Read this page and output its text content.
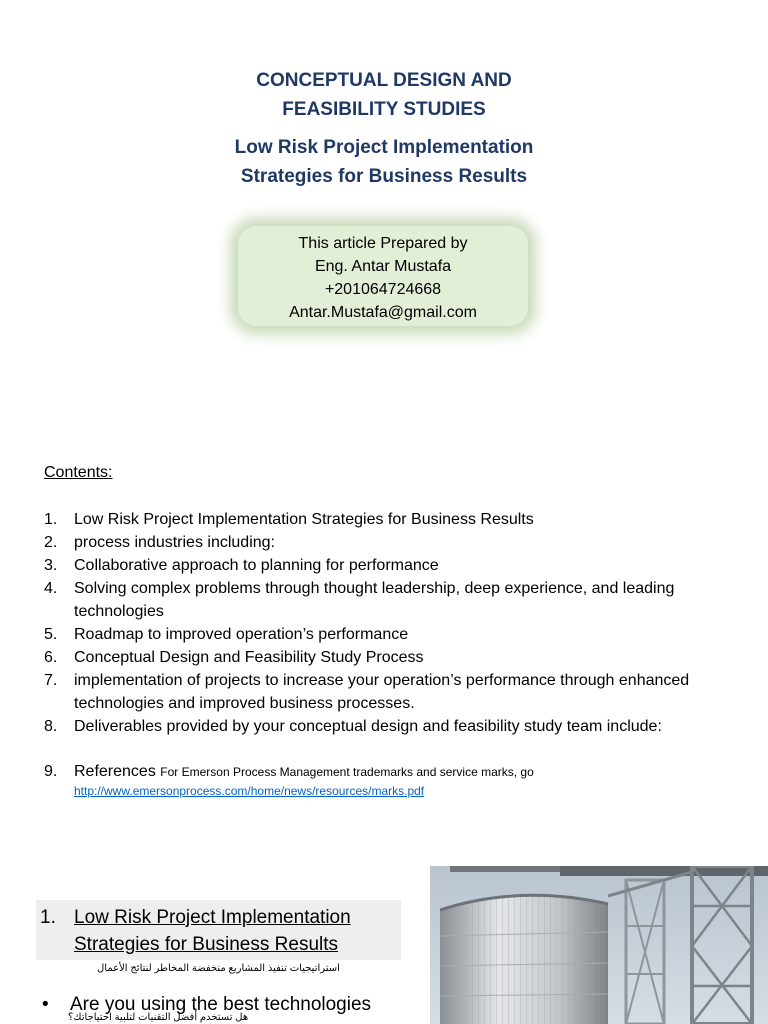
CONCEPTUAL DESIGN AND
FEASIBILITY STUDIES
Low Risk Project Implementation
Strategies for Business Results
This article Prepared by
Eng. Antar Mustafa
+201064724668
Antar.Mustafa@gmail.com
Contents:
1. Low Risk Project Implementation Strategies for Business Results
2. process industries including:
3. Collaborative approach to planning for performance
4. Solving complex problems through thought leadership, deep experience, and leading technologies
5. Roadmap to improved operation’s performance
6. Conceptual Design and Feasibility Study Process
7. implementation of projects to increase your operation’s performance through enhanced technologies and improved business processes.
8. Deliverables provided by your conceptual design and feasibility study team include:
9.	References For Emerson Process Management trademarks and service marks, go
http://www.emersonprocess.com/home/news/resources/marks.pdf
1. Low Risk Project Implementation Strategies for Business Results
استراتيجيات تنفيذ المشاريع منخفضة المخاطر لنتائج الأعمال
• Are you using the best technologies
هل تستخدم أفضل التقنيات لتلبية احتياجاتك؟
